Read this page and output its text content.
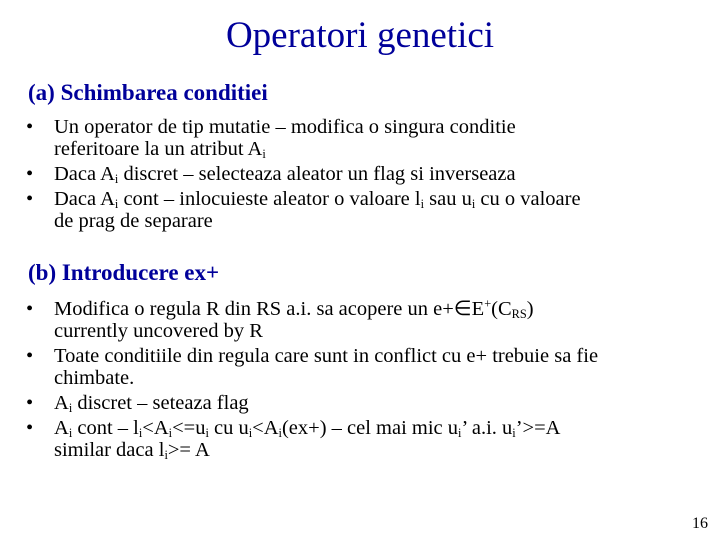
Operatori genetici
(a) Schimbarea conditiei
• Un operator de tip mutatie – modifica o singura conditie
referitoare la un atribut $A_i$
• Daca $A_i$ discret – selecteaza aleator un flag si inverseaza
• Daca $A_i$ cont – inlocuieste aleator o valoare $l_i$ sau $u_i$ cu o valoare
de prag de separare
(b) Introducere ex+
• Modifica o regula R din RS a.i. sa acopere un $e+\in E^+(C_{RS})$
currently uncovered by R
• Toate conditiile din regula care sunt in conflict cu e+ trebuie sa fie
chimbate.
• $A_i$ discret – seteaza flag
• $A_i$ cont – $l_i<A_i<=u_i$ cu $u_i<A_i(ex+)$ – cel mai mic $u_i$’ a.i. $u_i’>=A$
similar daca $l_i>= A$
16
